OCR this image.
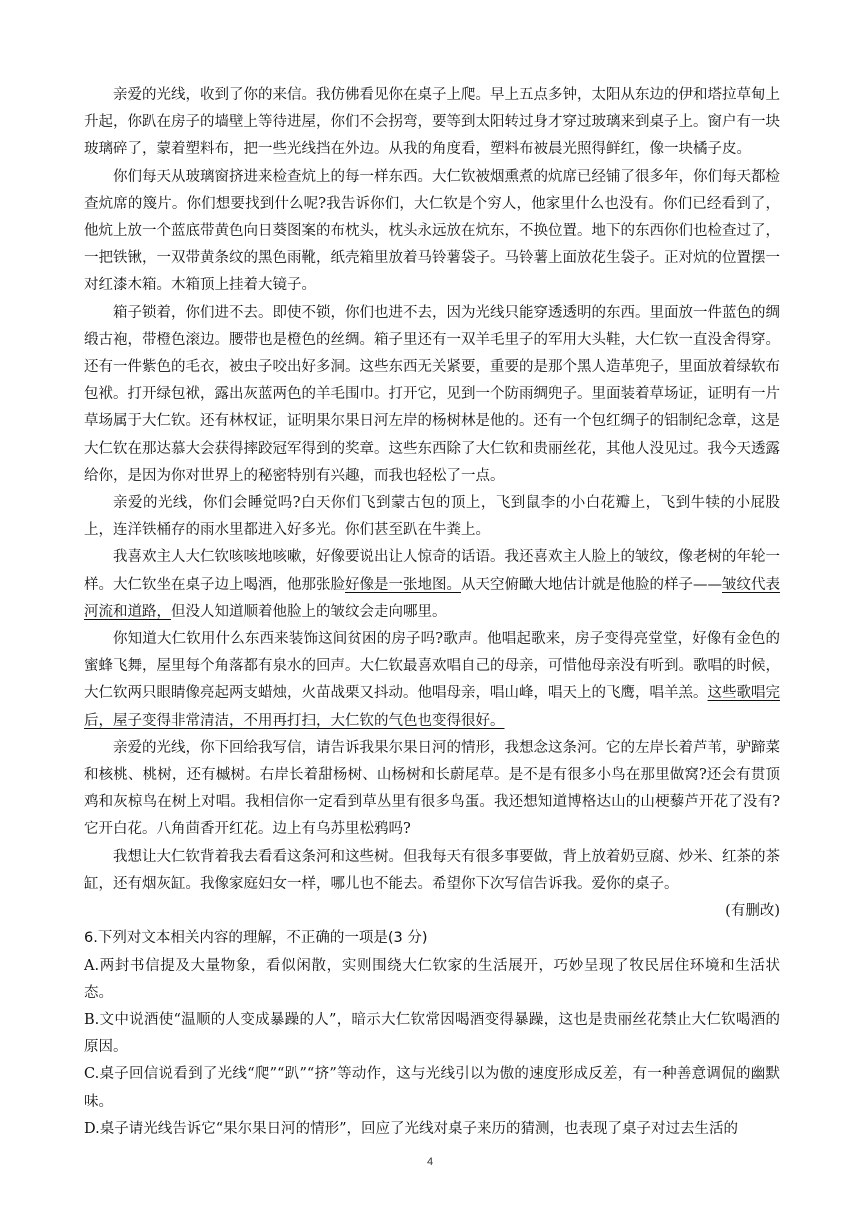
亲爱的光线，收到了你的来信。我仿佛看见你在桌子上爬。早上五点多钟，太阳从东边的伊和塔拉草甸上升起，你趴在房子的墙壁上等待进屋，你们不会拐弯，要等到太阳转过身才穿过玻璃来到桌子上。窗户有一块玻璃碎了，蒙着塑料布，把一些光线挡在外边。从我的角度看，塑料布被晨光照得鲜红，像一块橘子皮。

你们每天从玻璃窗挤进来检查炕上的每一样东西。大仁钦被烟熏煮的炕席已经铺了很多年，你们每天都检查炕席的篾片。你们想要找到什么呢?我告诉你们，大仁钦是个穷人，他家里什么也没有。你们已经看到了，他炕上放一个蓝底带黄色向日葵图案的布枕头，枕头永远放在炕东，不换位置。地下的东西你们也检查过了，一把铁锹，一双带黄条纹的黑色雨靴，纸壳箱里放着马铃薯袋子。马铃薯上面放花生袋子。正对炕的位置摆一对红漆木箱。木箱顶上挂着大镜子。

箱子锁着，你们进不去。即使不锁，你们也进不去，因为光线只能穿透透明的东西。里面放一件蓝色的绸缎古袍，带橙色滚边。腰带也是橙色的丝绸。箱子里还有一双羊毛里子的军用大头鞋，大仁钦一直没舍得穿。还有一件紫色的毛衣，被虫子咬出好多洞。这些东西无关紧要，重要的是那个黑人造革兜子，里面放着绿软布包袱。打开绿包袱，露出灰蓝两色的羊毛围巾。打开它，见到一个防雨绸兜子。里面装着草场证，证明有一片草场属于大仁钦。还有林权证，证明果尔果日河左岸的杨树林是他的。还有一个包红绸子的铝制纪念章，这是大仁钦在那达慕大会获得摔跤冠军得到的奖章。这些东西除了大仁钦和贵丽丝花，其他人没见过。我今天透露给你，是因为你对世界上的秘密特别有兴趣，而我也轻松了一点。

亲爱的光线，你们会睡觉吗?白天你们飞到蒙古包的顶上，飞到鼠李的小白花瓣上，飞到牛犊的小屁股上，连洋铁桶存的雨水里都进入好多光。你们甚至趴在牛粪上。

我喜欢主人大仁钦咳咳地咳嗽，好像要说出让人惊奇的话语。我还喜欢主人脸上的皱纹，像老树的年轮一样。大仁钦坐在桌子边上喝酒，他那张脸好像是一张地图。从天空俯瞰大地估计就是他脸的样子——皱纹代表河流和道路，但没人知道顺着他脸上的皱纹会走向哪里。

你知道大仁钦用什么东西来装饰这间贫困的房子吗?歌声。他唱起歌来，房子变得亮堂堂，好像有金色的蜜蜂飞舞，屋里每个角落都有泉水的回声。大仁钦最喜欢唱自己的母亲，可惜他母亲没有听到。歌唱的时候，大仁钦两只眼睛像亮起两支蜡烛，火苗战栗又抖动。他唱母亲，唱山峰，唱天上的飞鹰，唱羊羔。这些歌唱完后，屋子变得非常清洁，不用再打扫，大仁钦的气色也变得很好。

亲爱的光线，你下回给我写信，请告诉我果尔果日河的情形，我想念这条河。它的左岸长着芦苇，驴蹄菜和核桃、桃树，还有槭树。右岸长着甜杨树、山杨树和长蔚尾草。是不是有很多小鸟在那里做窝?还会有贯顶鸡和灰椋鸟在树上对唱。我相信你一定看到草丛里有很多鸟蛋。我还想知道博格达山的山梗藜芦开花了没有?它开白花。八角茴香开红花。边上有乌苏里松鸦吗?

我想让大仁钦背着我去看看这条河和这些树。但我每天有很多事要做，背上放着奶豆腐、炒米、红茶的茶缸，还有烟灰缸。我像家庭妇女一样，哪儿也不能去。希望你下次写信告诉我。爱你的桌子。

(有删改)

6.下列对文本相关内容的理解，不正确的一项是(3 分)

A.两封书信提及大量物象，看似闲散，实则围绕大仁钦家的生活展开，巧妙呈现了牧民居住环境和生活状态。

B.文中说酒使“温顺的人变成暴躁的人”，暗示大仁钦常因喝酒变得暴躁，这也是贵丽丝花禁止大仁钦喝酒的原因。

C.桌子回信说看到了光线“爬”“趴”“挤”等动作，这与光线引以为傲的速度形成反差，有一种善意调侃的幽默味。

D.桌子请光线告诉它“果尔果日河的情形”，回应了光线对桌子来历的猜测，也表现了桌子对过去生活的

4
